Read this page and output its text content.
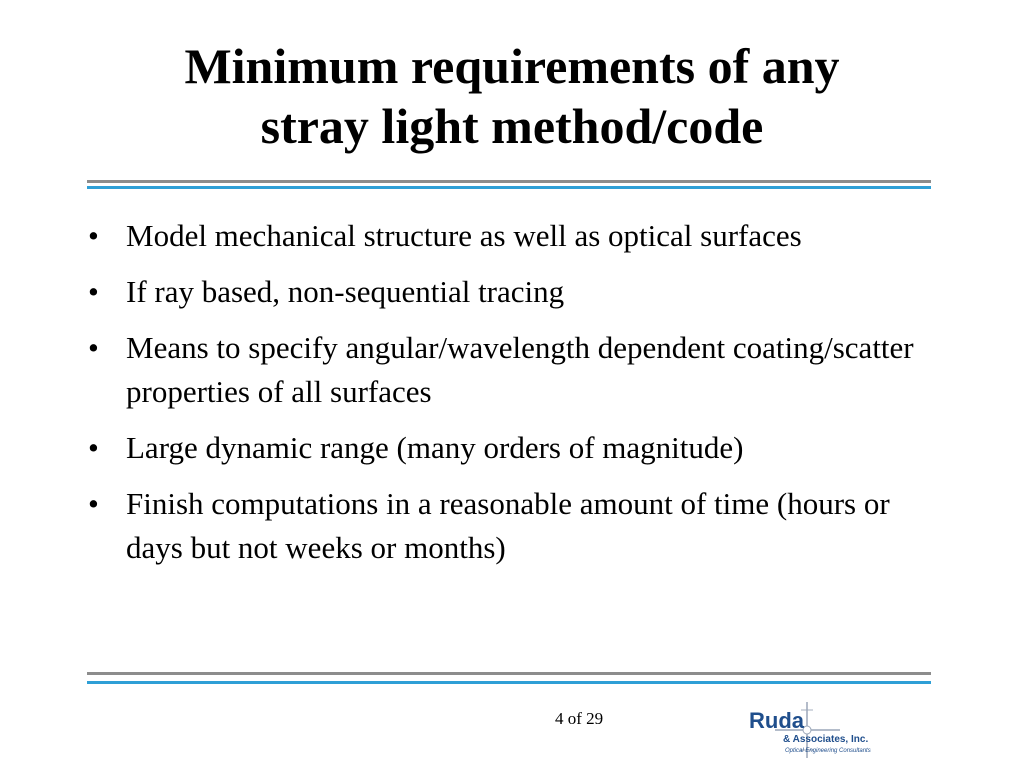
Minimum requirements of any
stray light method/code
• Model mechanical structure as well as optical surfaces
• If ray based, non-sequential tracing
• Means to specify angular/wavelength dependent coating/scatter properties of all surfaces
• Large dynamic range (many orders of magnitude)
• Finish computations in a reasonable amount of time (hours or days but not weeks or months)
4 of 29	Ruda
& Associates, Inc.
Optical Engineering Consultants
